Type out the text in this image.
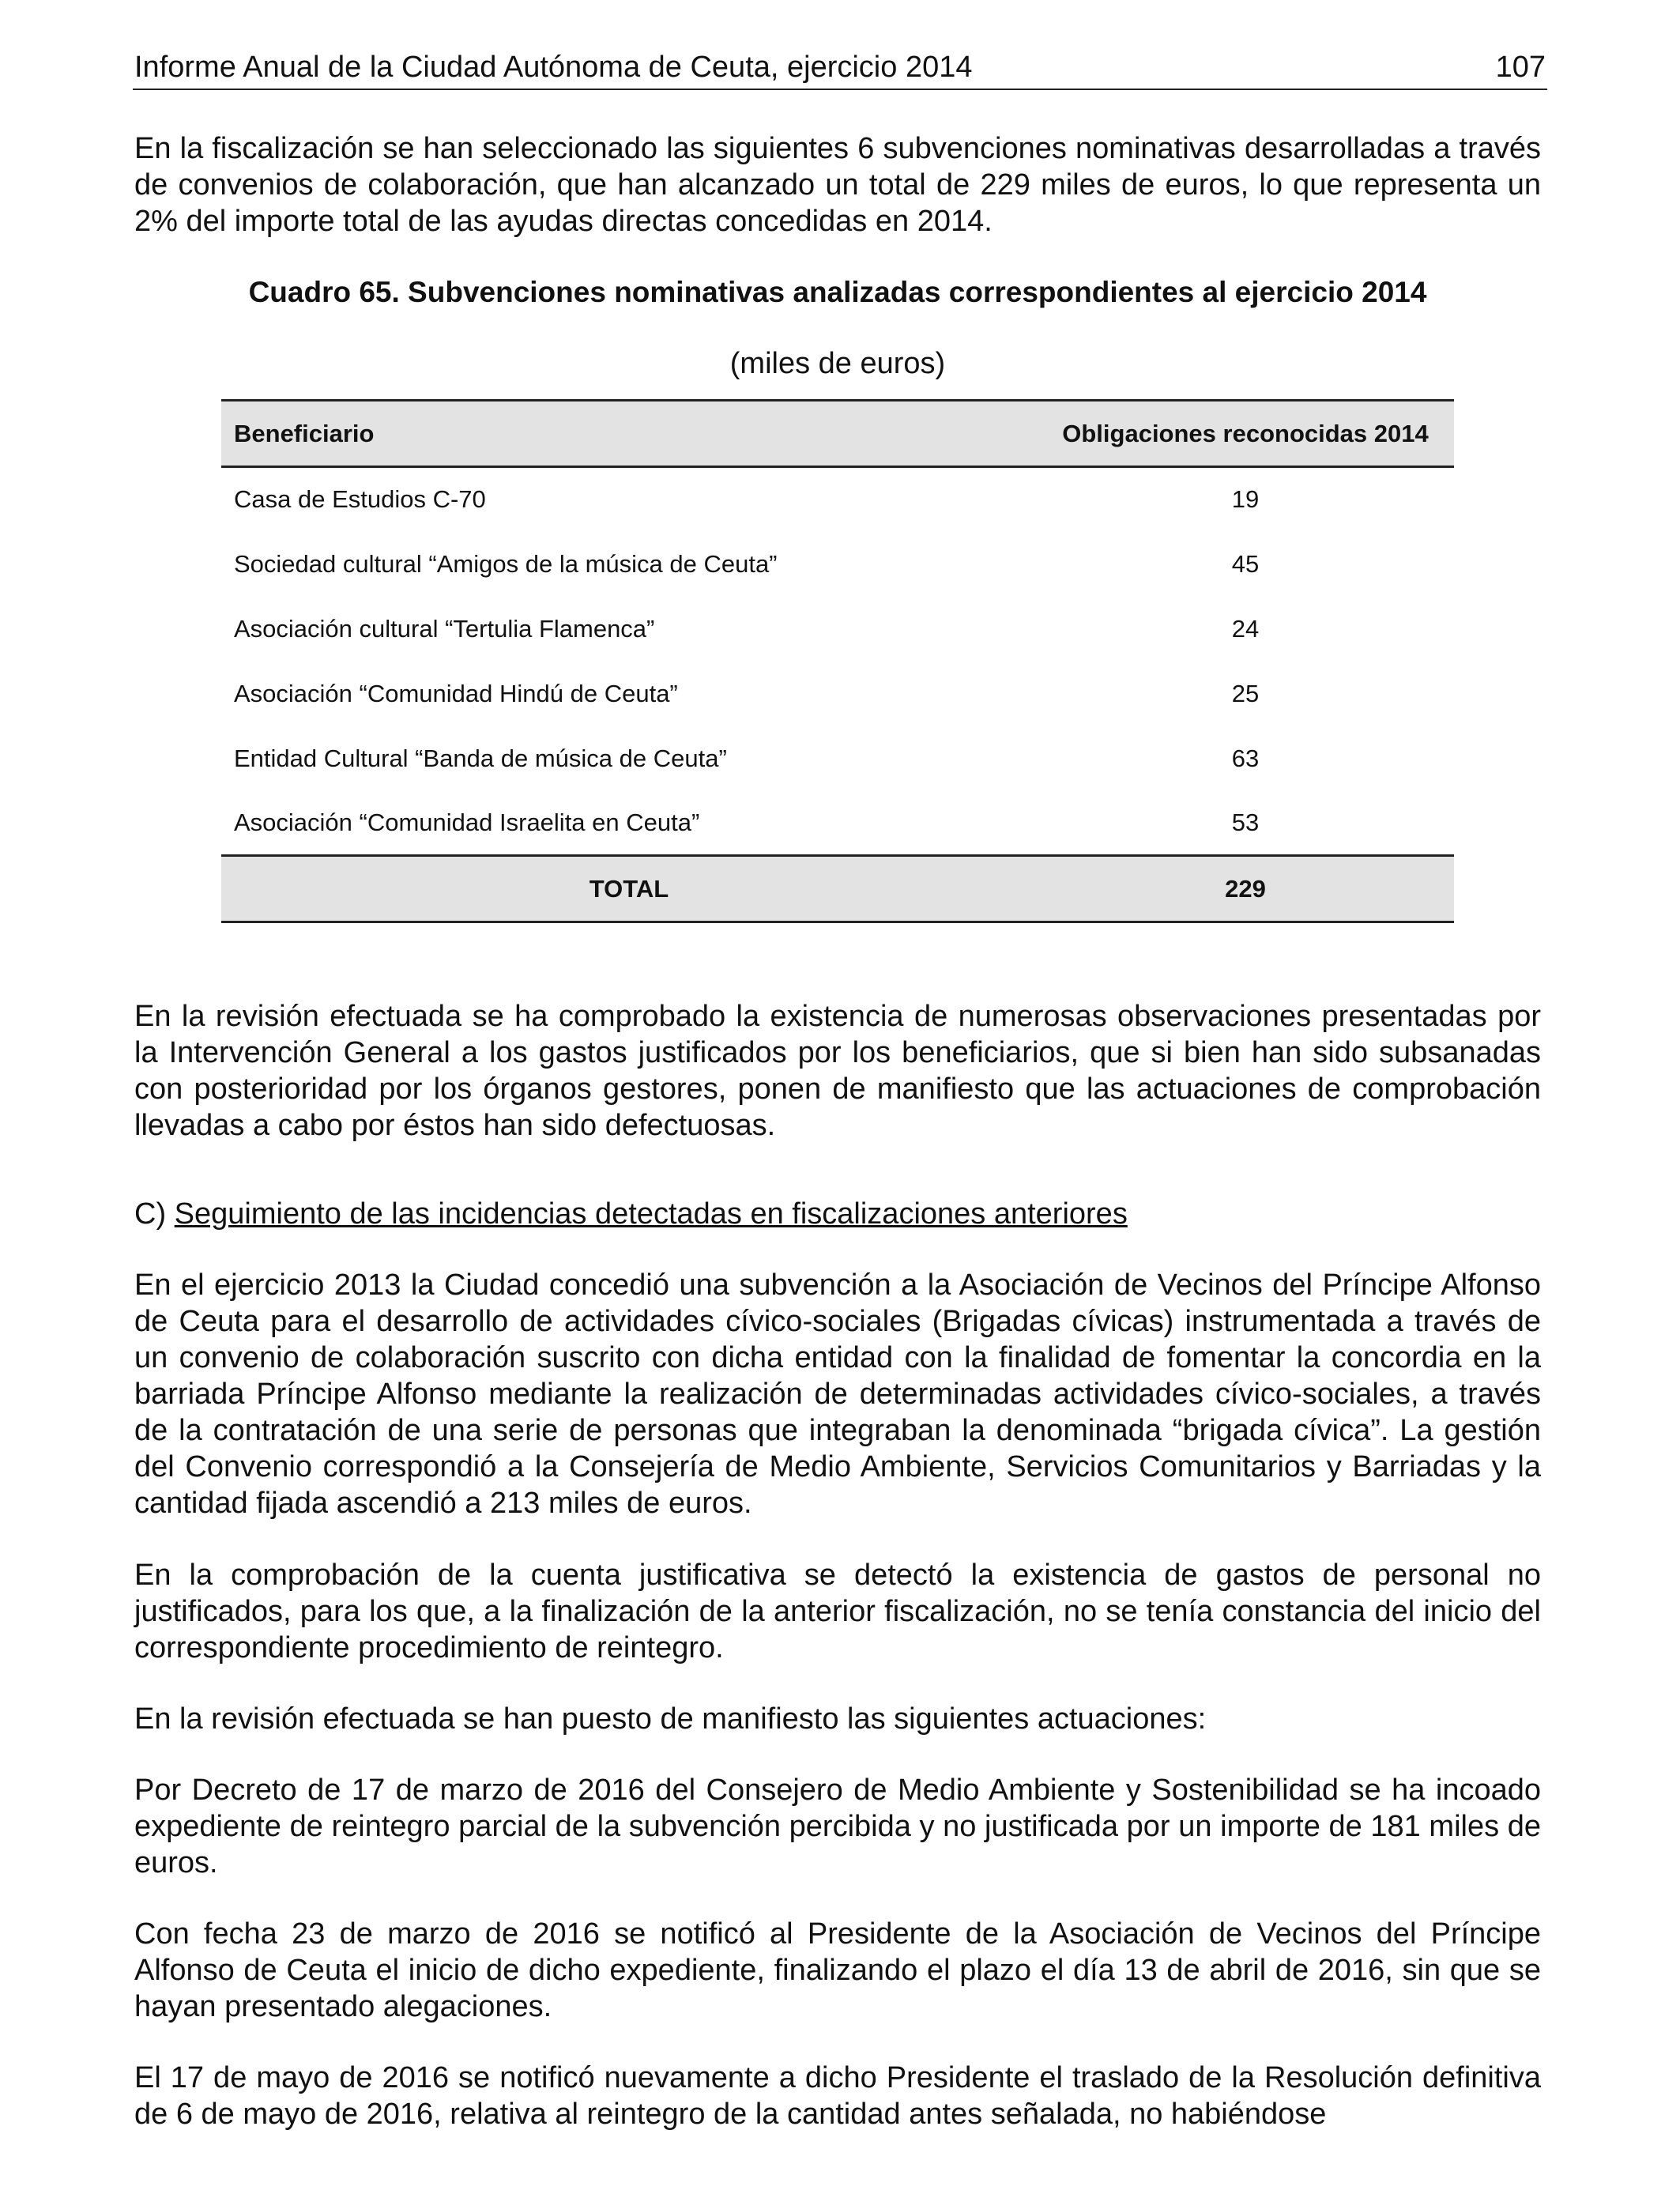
Informe Anual de la Ciudad Autónoma de Ceuta, ejercicio 2014	107

En la fiscalización se han seleccionado las siguientes 6 subvenciones nominativas desarrolladas a través de convenios de colaboración, que han alcanzado un total de 229 miles de euros, lo que representa un 2% del importe total de las ayudas directas concedidas en 2014.

Cuadro 65. Subvenciones nominativas analizadas correspondientes al ejercicio 2014

(miles de euros)

Beneficiario	Obligaciones reconocidas 2014
Casa de Estudios C-70	19
Sociedad cultural “Amigos de la música de Ceuta”	45
Asociación cultural “Tertulia Flamenca”	24
Asociación “Comunidad Hindú de Ceuta”	25
Entidad Cultural “Banda de música de Ceuta”	63
Asociación “Comunidad Israelita en Ceuta”	53
TOTAL	229

En la revisión efectuada se ha comprobado la existencia de numerosas observaciones presentadas por la Intervención General a los gastos justificados por los beneficiarios, que si bien han sido subsanadas con posterioridad por los órganos gestores, ponen de manifiesto que las actuaciones de comprobación llevadas a cabo por éstos han sido defectuosas.

C) Seguimiento de las incidencias detectadas en fiscalizaciones anteriores

En el ejercicio 2013 la Ciudad concedió una subvención a la Asociación de Vecinos del Príncipe Alfonso de Ceuta para el desarrollo de actividades cívico-sociales (Brigadas cívicas) instrumentada a través de un convenio de colaboración suscrito con dicha entidad con la finalidad de fomentar la concordia en la barriada Príncipe Alfonso mediante la realización de determinadas actividades cívico-sociales, a través de la contratación de una serie de personas que integraban la denominada “brigada cívica”. La gestión del Convenio correspondió a la Consejería de Medio Ambiente, Servicios Comunitarios y Barriadas y la cantidad fijada ascendió a 213 miles de euros.

En la comprobación de la cuenta justificativa se detectó la existencia de gastos de personal no justificados, para los que, a la finalización de la anterior fiscalización, no se tenía constancia del inicio del correspondiente procedimiento de reintegro.

En la revisión efectuada se han puesto de manifiesto las siguientes actuaciones:

Por Decreto de 17 de marzo de 2016 del Consejero de Medio Ambiente y Sostenibilidad se ha incoado expediente de reintegro parcial de la subvención percibida y no justificada por un importe de 181 miles de euros.

Con fecha 23 de marzo de 2016 se notificó al Presidente de la Asociación de Vecinos del Príncipe Alfonso de Ceuta el inicio de dicho expediente, finalizando el plazo el día 13 de abril de 2016, sin que se hayan presentado alegaciones.

El 17 de mayo de 2016 se notificó nuevamente a dicho Presidente el traslado de la Resolución definitiva de 6 de mayo de 2016, relativa al reintegro de la cantidad antes señalada, no habiéndose
